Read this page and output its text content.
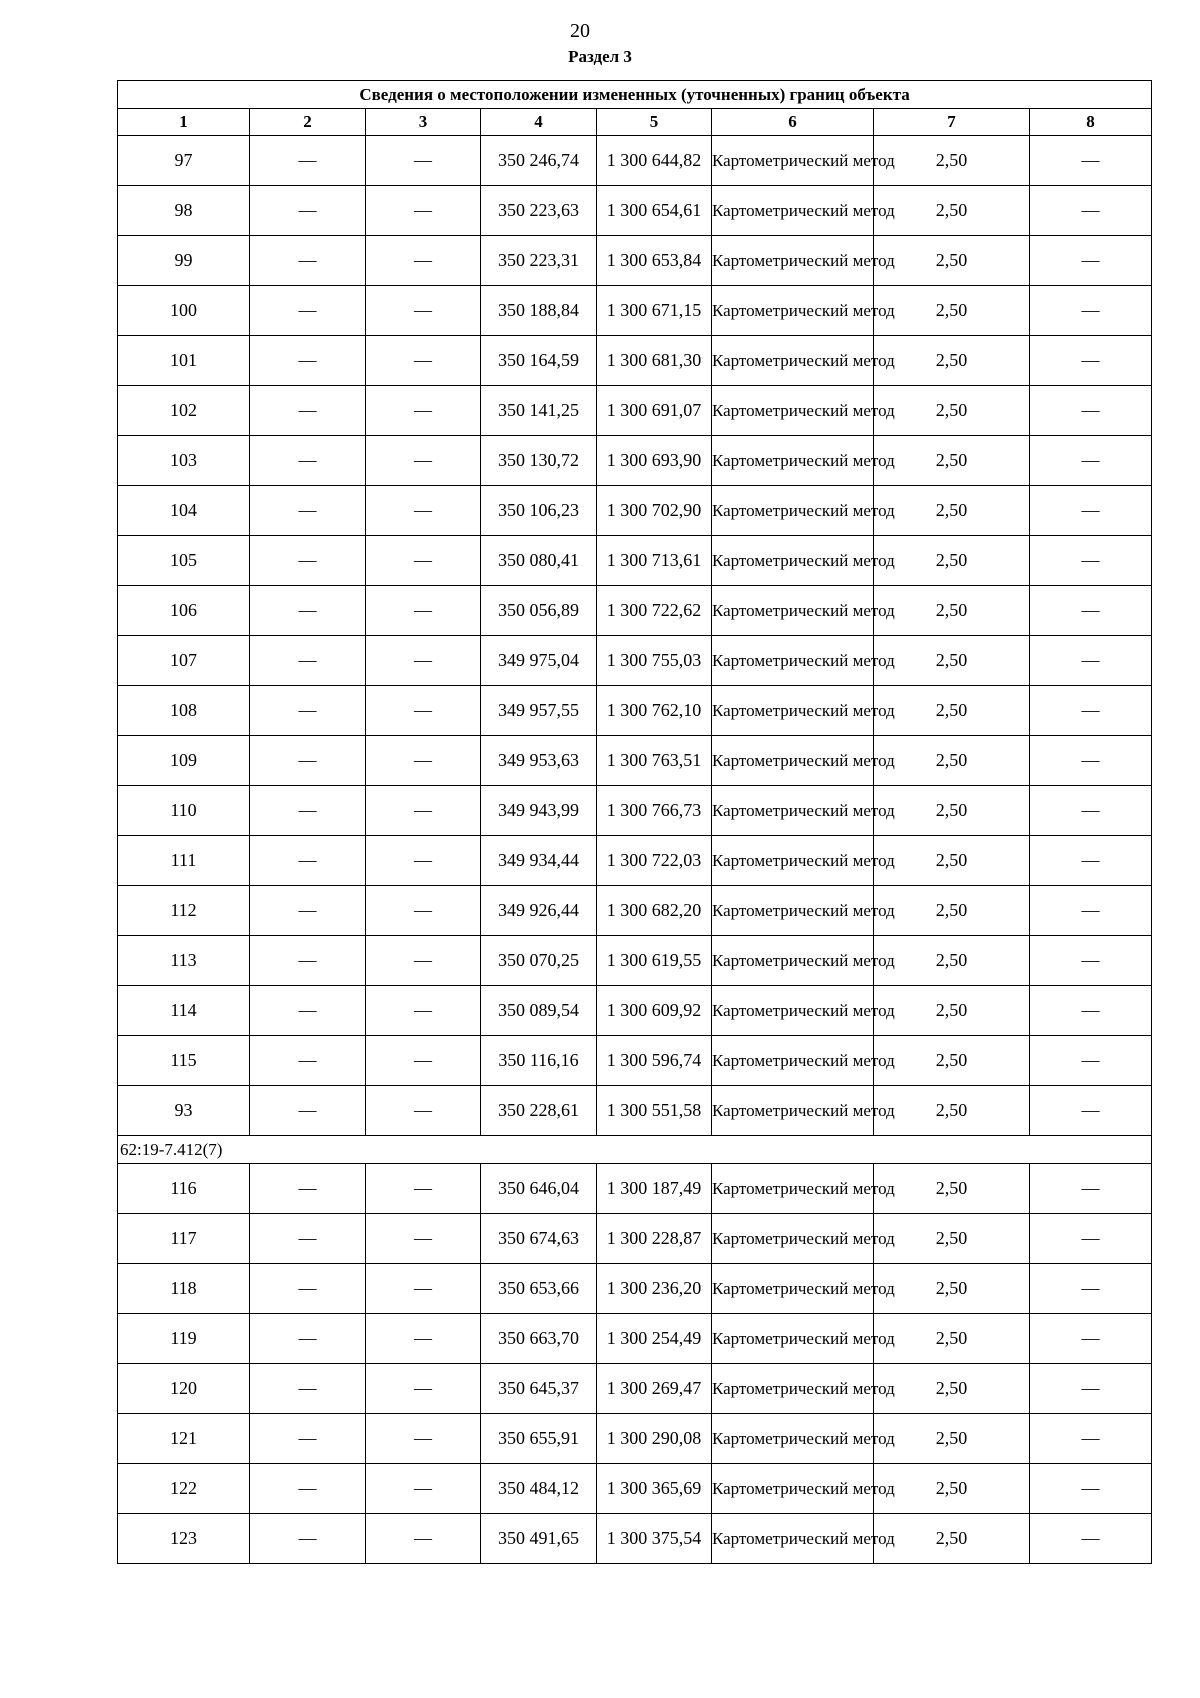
20
Раздел 3
Сведения о местоположении измененных (уточненных) границ объекта							
1	2	3	4	5	6	7	8
97	—	—	350 246,74	1 300 644,82	Картометрический метод	2,50	—
98	—	—	350 223,63	1 300 654,61	Картометрический метод	2,50	—
99	—	—	350 223,31	1 300 653,84	Картометрический метод	2,50	—
100	—	—	350 188,84	1 300 671,15	Картометрический метод	2,50	—
101	—	—	350 164,59	1 300 681,30	Картометрический метод	2,50	—
102	—	—	350 141,25	1 300 691,07	Картометрический метод	2,50	—
103	—	—	350 130,72	1 300 693,90	Картометрический метод	2,50	—
104	—	—	350 106,23	1 300 702,90	Картометрический метод	2,50	—
105	—	—	350 080,41	1 300 713,61	Картометрический метод	2,50	—
106	—	—	350 056,89	1 300 722,62	Картометрический метод	2,50	—
107	—	—	349 975,04	1 300 755,03	Картометрический метод	2,50	—
108	—	—	349 957,55	1 300 762,10	Картометрический метод	2,50	—
109	—	—	349 953,63	1 300 763,51	Картометрический метод	2,50	—
110	—	—	349 943,99	1 300 766,73	Картометрический метод	2,50	—
111	—	—	349 934,44	1 300 722,03	Картометрический метод	2,50	—
112	—	—	349 926,44	1 300 682,20	Картометрический метод	2,50	—
113	—	—	350 070,25	1 300 619,55	Картометрический метод	2,50	—
114	—	—	350 089,54	1 300 609,92	Картометрический метод	2,50	—
115	—	—	350 116,16	1 300 596,74	Картометрический метод	2,50	—
93	—	—	350 228,61	1 300 551,58	Картометрический метод	2,50	—
62:19-7.412(7)							
116	—	—	350 646,04	1 300 187,49	Картометрический метод	2,50	—
117	—	—	350 674,63	1 300 228,87	Картометрический метод	2,50	—
118	—	—	350 653,66	1 300 236,20	Картометрический метод	2,50	—
119	—	—	350 663,70	1 300 254,49	Картометрический метод	2,50	—
120	—	—	350 645,37	1 300 269,47	Картометрический метод	2,50	—
121	—	—	350 655,91	1 300 290,08	Картометрический метод	2,50	—
122	—	—	350 484,12	1 300 365,69	Картометрический метод	2,50	—
123	—	—	350 491,65	1 300 375,54	Картометрический метод	2,50	—
